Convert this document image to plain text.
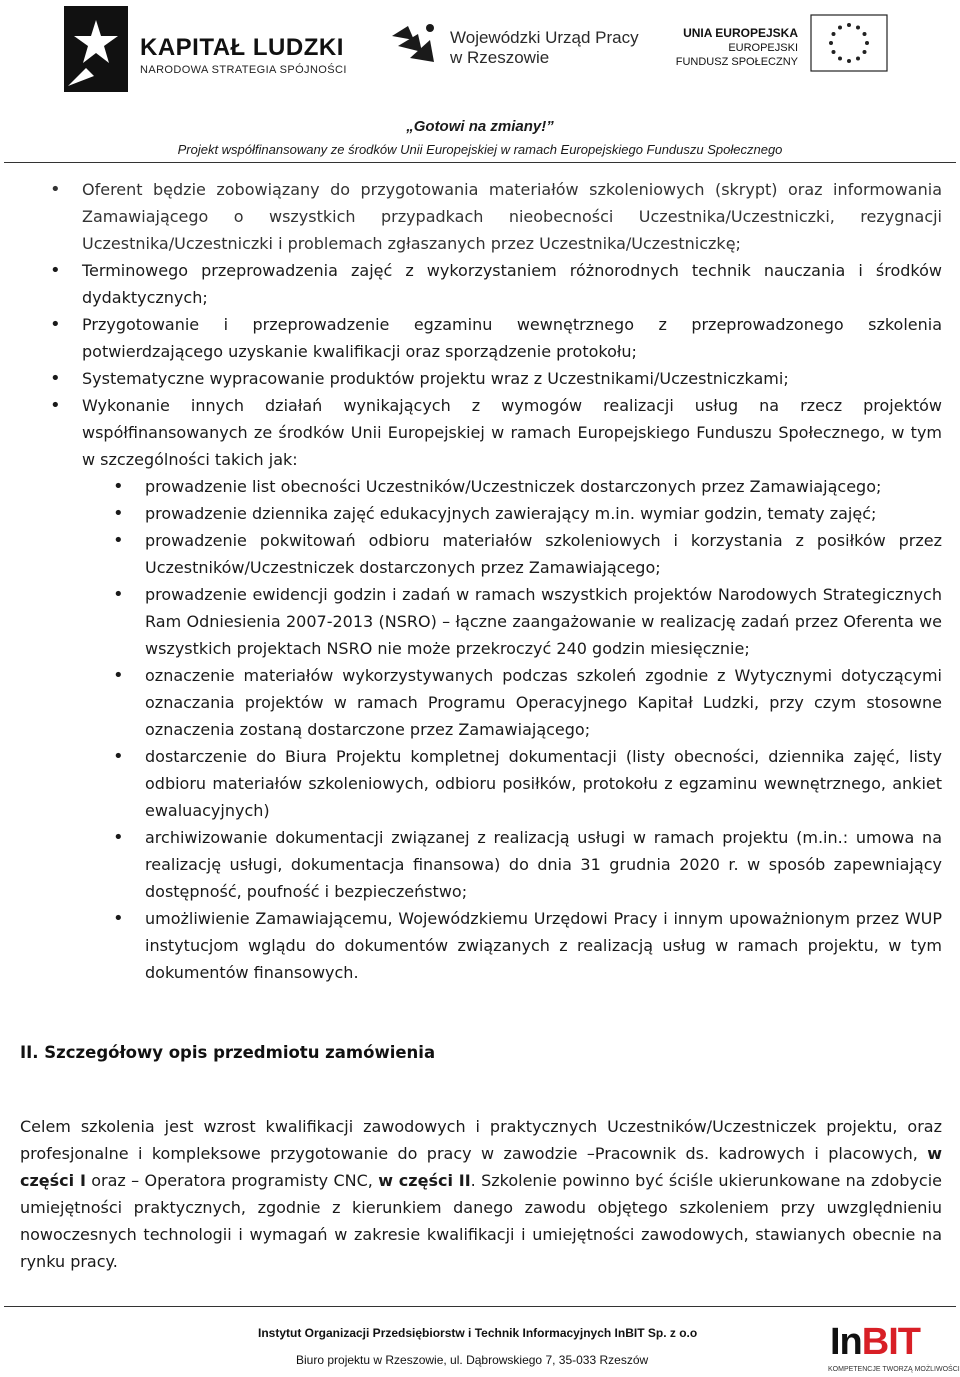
KAPITAŁ LUDZKI
NARODOWA STRATEGIA SPÓJNOŚCI
Wojewódzki Urząd Pracy
w Rzeszowie
UNIA EUROPEJSKA
EUROPEJSKI
FUNDUSZ SPOŁECZNY
„Gotowi na zmiany!”
Projekt współfinansowany ze środków Unii Europejskiej w ramach Europejskiego Funduszu Społecznego
• Oferent będzie zobowiązany do przygotowania materiałów szkoleniowych (skrypt) oraz informowania Zamawiającego o wszystkich przypadkach nieobecności Uczestnika/Uczestniczki, rezygnacji Uczestnika/Uczestniczki i problemach zgłaszanych przez Uczestnika/Uczestniczkę;
• Terminowego przeprowadzenia zajęć z wykorzystaniem różnorodnych technik nauczania i środków dydaktycznych;
• Przygotowanie i przeprowadzenie egzaminu wewnętrznego z przeprowadzonego szkolenia potwierdzającego uzyskanie kwalifikacji oraz sporządzenie protokołu;
• Systematyczne wypracowanie produktów projektu wraz z Uczestnikami/Uczestniczkami;
• Wykonanie innych działań wynikających z wymogów realizacji usług na rzecz projektów współfinansowanych ze środków Unii Europejskiej w ramach Europejskiego Funduszu Społecznego, w tym w szczególności takich jak:
• prowadzenie list obecności Uczestników/Uczestniczek dostarczonych przez Zamawiającego;
• prowadzenie dziennika zajęć edukacyjnych zawierający m.in. wymiar godzin, tematy zajęć;
• prowadzenie pokwitowań odbioru materiałów szkoleniowych i korzystania z posiłków przez Uczestników/Uczestniczek dostarczonych przez Zamawiającego;
• prowadzenie ewidencji godzin i zadań w ramach wszystkich projektów Narodowych Strategicznych Ram Odniesienia 2007-2013 (NSRO) – łączne zaangażowanie w realizację zadań przez Oferenta we wszystkich projektach NSRO nie może przekroczyć 240 godzin miesięcznie;
• oznaczenie materiałów wykorzystywanych podczas szkoleń zgodnie z Wytycznymi dotyczącymi oznaczania projektów w ramach Programu Operacyjnego Kapitał Ludzki, przy czym stosowne oznaczenia zostaną dostarczone przez Zamawiającego;
• dostarczenie do Biura Projektu kompletnej dokumentacji (listy obecności, dziennika zajęć, listy odbioru materiałów szkoleniowych, odbioru posiłków, protokołu z egzaminu wewnętrznego, ankiet ewaluacyjnych)
• archiwizowanie dokumentacji związanej z realizacją usługi w ramach projektu (m.in.: umowa na realizację usługi, dokumentacja finansowa) do dnia 31 grudnia 2020 r. w sposób zapewniający dostępność, poufność i bezpieczeństwo;
• umożliwienie Zamawiającemu, Wojewódzkiemu Urzędowi Pracy i innym upoważnionym przez WUP instytucjom wglądu do dokumentów związanych z realizacją usług w ramach projektu, w tym dokumentów finansowych.
II. Szczegółowy opis przedmiotu zamówienia

Celem szkolenia jest wzrost kwalifikacji zawodowych i praktycznych Uczestników/Uczestniczek projektu, oraz profesjonalne i kompleksowe przygotowanie do pracy w zawodzie –Pracownik ds. kadrowych i placowych, w części I oraz – Operatora programisty CNC, w części II. Szkolenie powinno być ściśle ukierunkowane na zdobycie umiejętności praktycznych, zgodnie z kierunkiem danego zawodu objętego szkoleniem przy uwzględnieniu nowoczesnych technologii i wymagań w zakresie kwalifikacji i umiejętności zawodowych, stawianych obecnie na rynku pracy.

Instytut Organizacji Przedsiębiorstw i Technik Informacyjnych InBIT Sp. z o.o
Biuro projektu w Rzeszowie, ul. Dąbrowskiego 7, 35-033 Rzeszów	InBIT
KOMPETENCJE TWORZĄ MOŻLIWOŚCI
